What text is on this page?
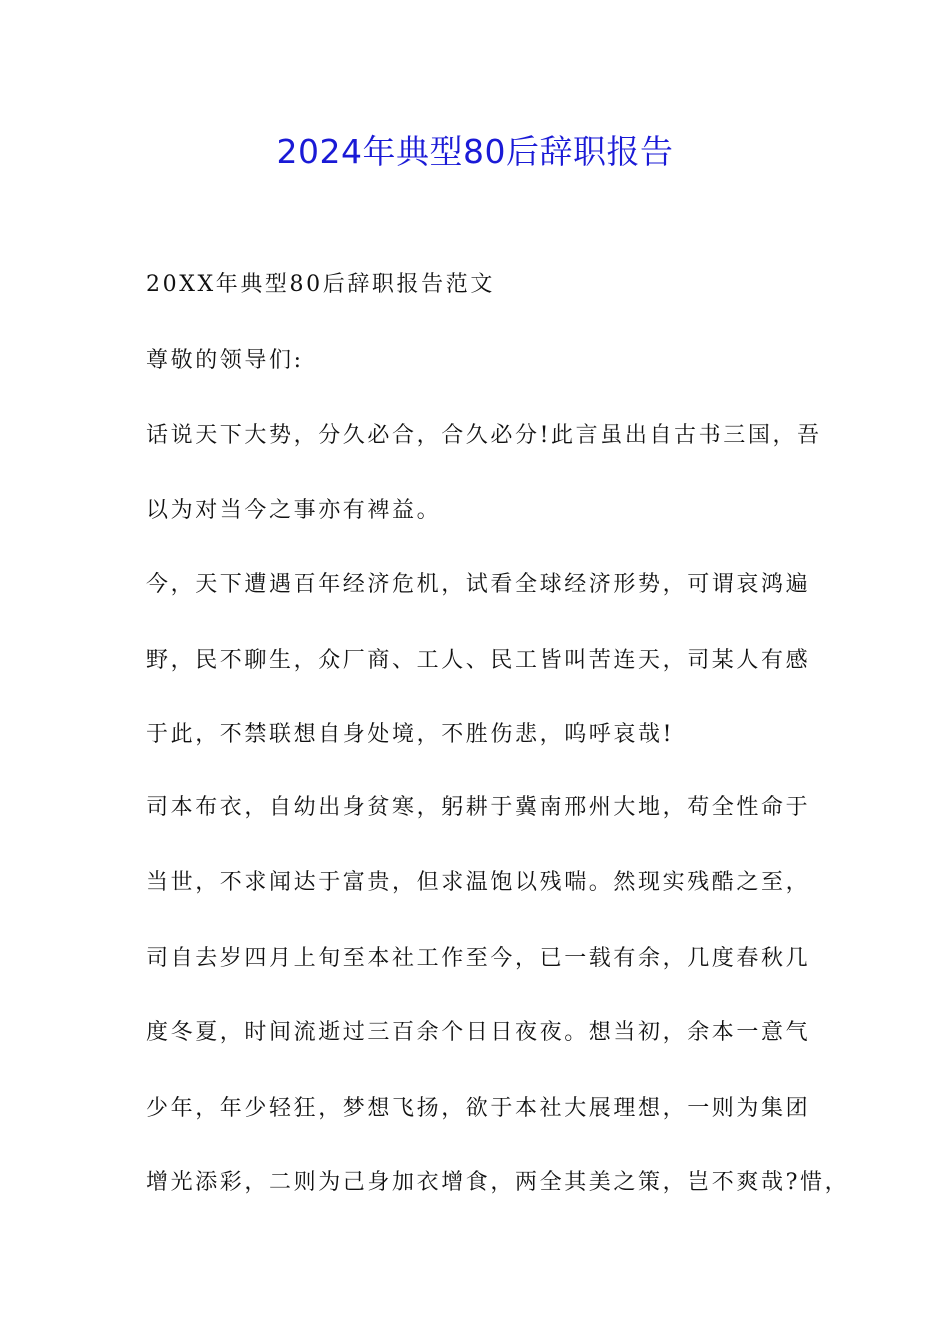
2024年典型80后辞职报告
20XX年典型80后辞职报告范文
尊敬的领导们:
话说天下大势，分久必合，合久必分!此言虽出自古书三国，吾
以为对当今之事亦有裨益。
今，天下遭遇百年经济危机，试看全球经济形势，可谓哀鸿遍
野，民不聊生，众厂商、工人、民工皆叫苦连天，司某人有感
于此，不禁联想自身处境，不胜伤悲，呜呼哀哉!
司本布衣，自幼出身贫寒，躬耕于冀南邢州大地，苟全性命于
当世，不求闻达于富贵，但求温饱以残喘。然现实残酷之至，
司自去岁四月上旬至本社工作至今，已一载有余，几度春秋几
度冬夏，时间流逝过三百余个日日夜夜。想当初，余本一意气
少年，年少轻狂，梦想飞扬，欲于本社大展理想，一则为集团
增光添彩，二则为己身加衣增食，两全其美之策，岂不爽哉?惜，
